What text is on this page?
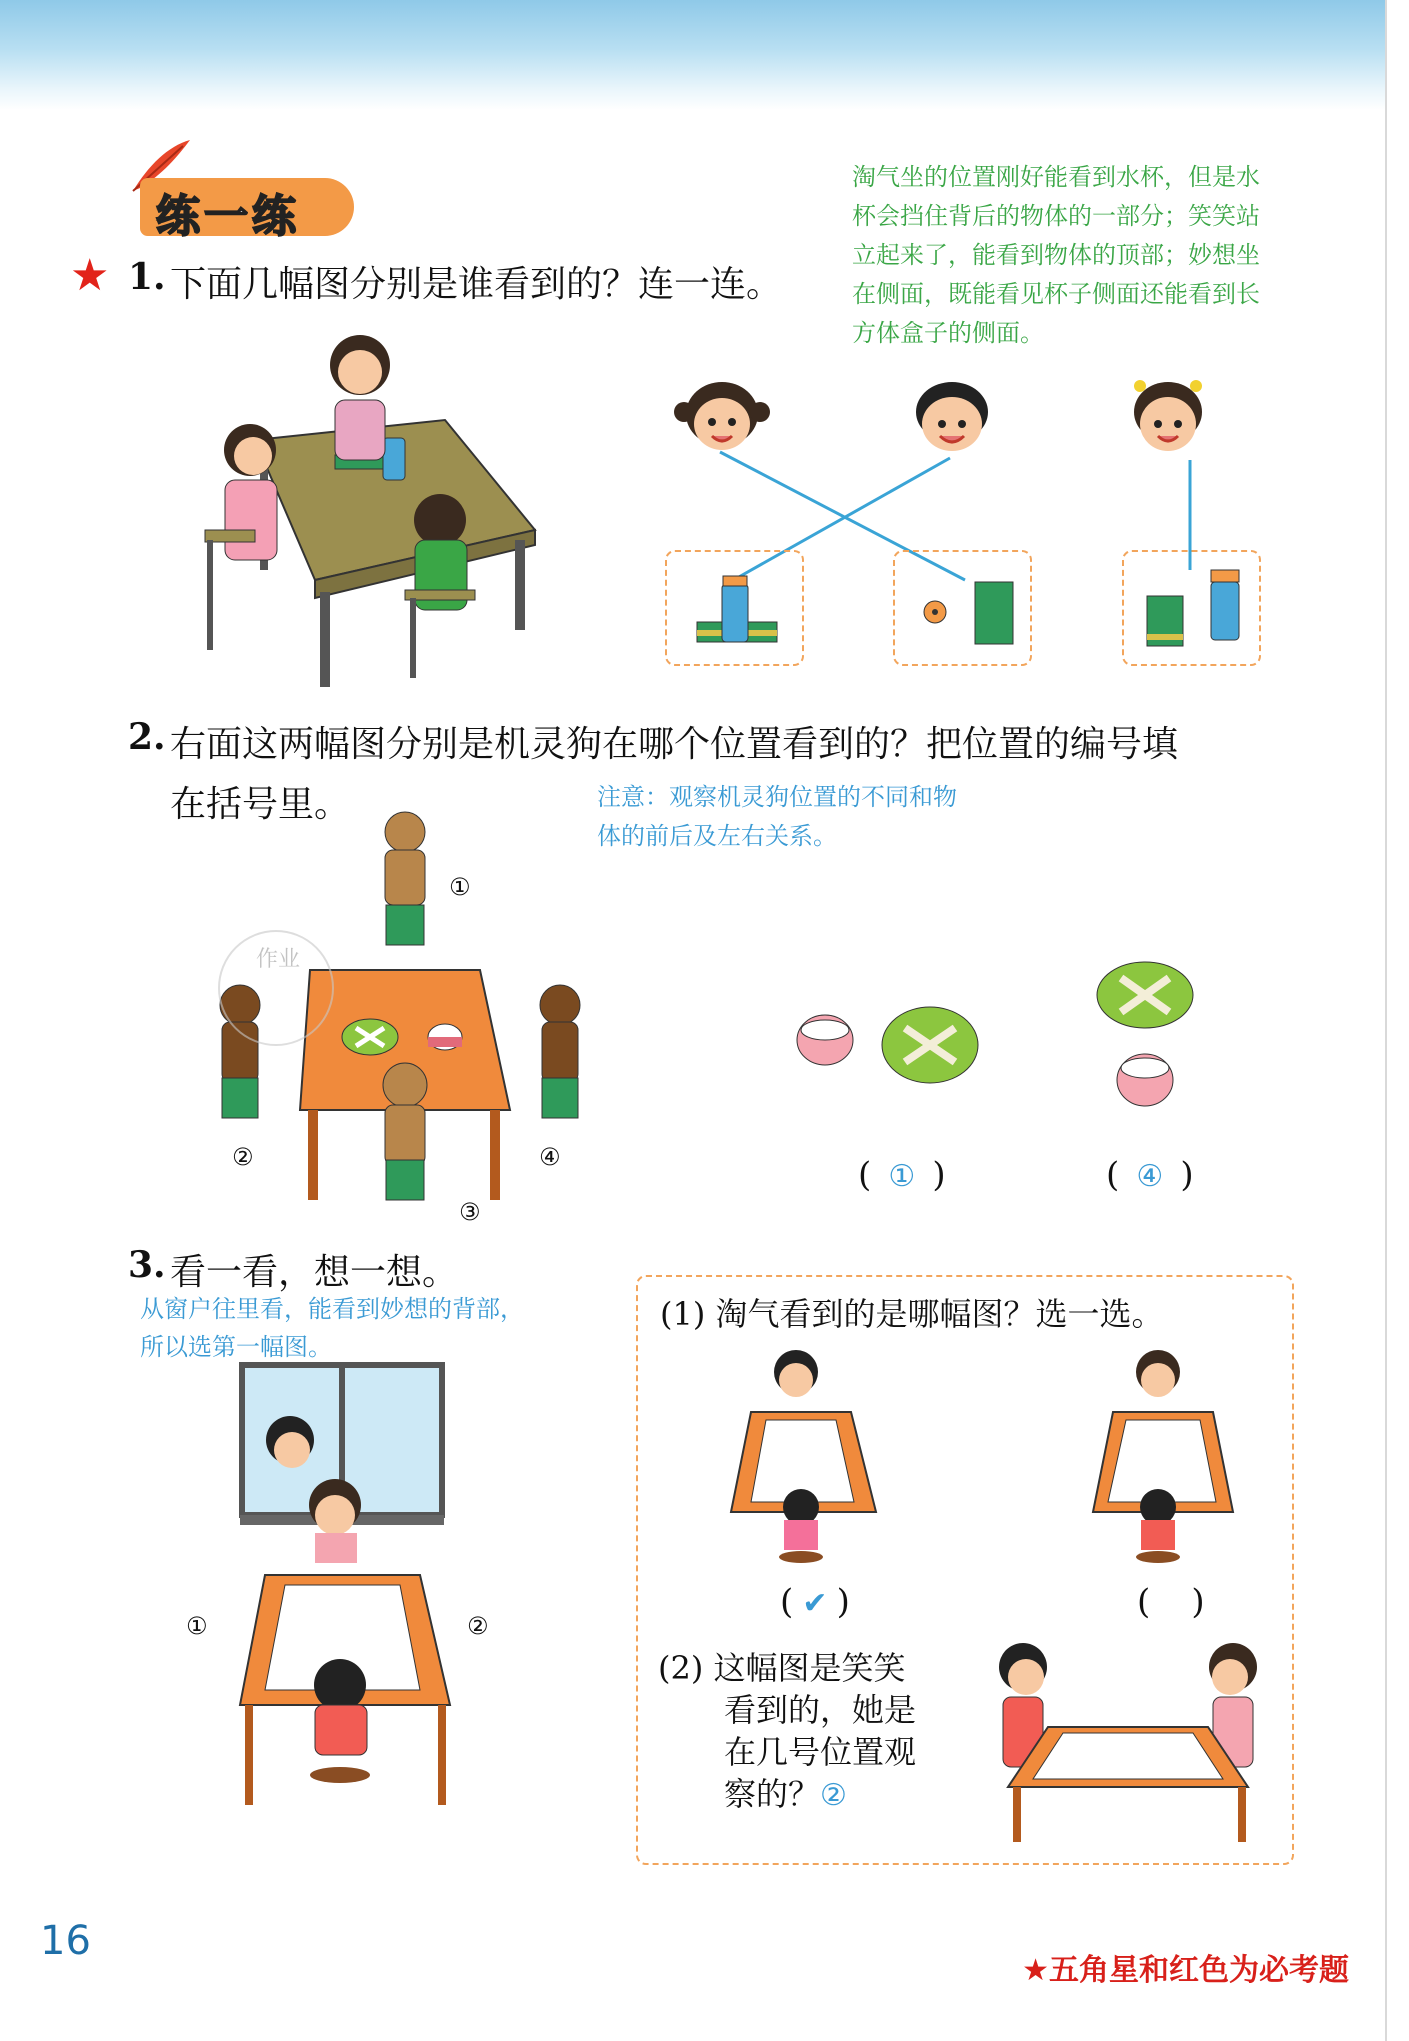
练一练
★ 1. 下面几幅图分别是谁看到的？连一连。
淘气坐的位置刚好能看到水杯，但是水
杯会挡住背后的物体的一部分；笑笑站
立起来了，能看到物体的顶部；妙想坐
在侧面，既能看见杯子侧面还能看到长
方体盒子的侧面。
2. 右面这两幅图分别是机灵狗在哪个位置看到的？把位置的编号填
在括号里。	注意：观察机灵狗位置的不同和物
体的前后及左右关系。
①
②
③
④
作业
( ① )	( ④ )
3. 看一看，想一想。
从窗户往里看，能看到妙想的背部，
所以选第一幅图。
①	②
(1) 淘气看到的是哪幅图？选一选。
( ✔ )	( )
(2) 这幅图是笑笑
看到的，她是
在几号位置观
察的？②
16
★五角星和红色为必考题
